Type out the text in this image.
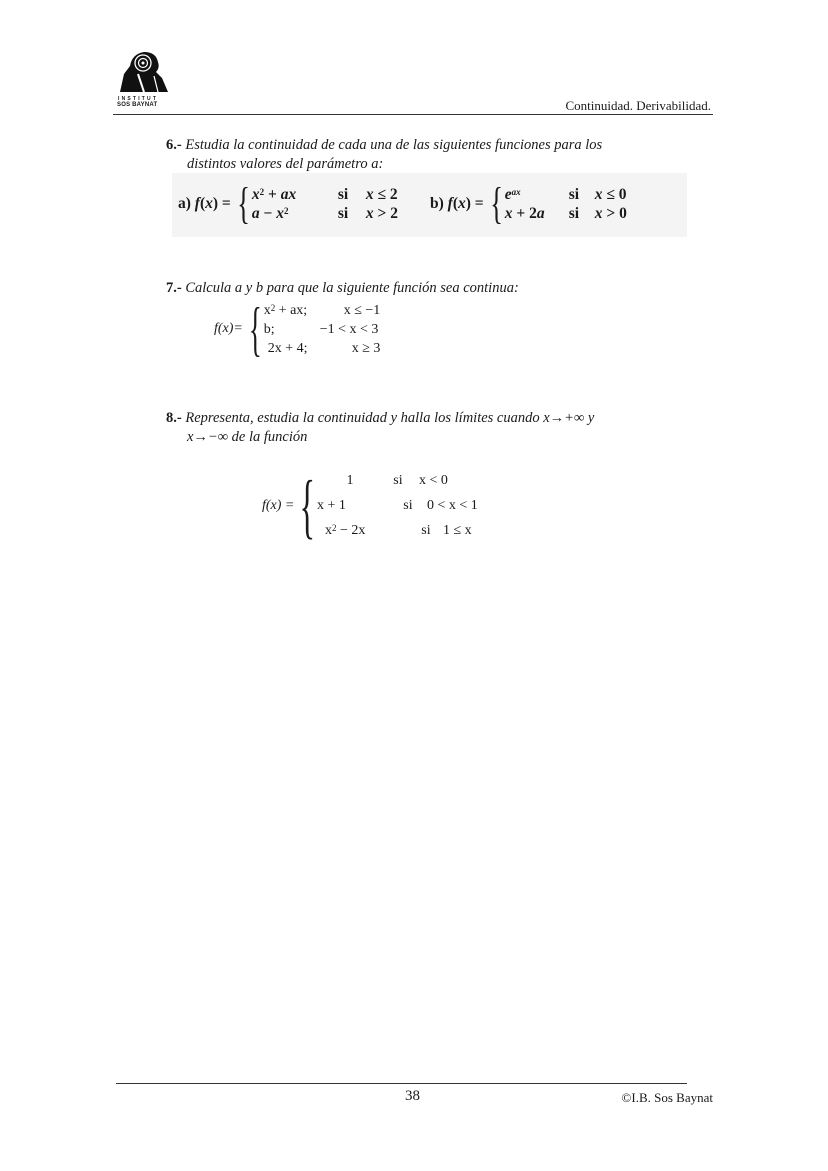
INSTITUT
SOS BAYNAT	Continuidad. Derivabilidad.
6.- Estudia la continuidad de cada una de las siguientes funciones para los
distintos valores del parámetro a:
a) f(x) = { $x^2$ + ax	si	x ≤ 2
$a - x^2$	si	x > 2
b) f(x) = { $e^{ax}$	si	x ≤ 0
x + 2a	si	x > 0
7.- Calcula a y b para que la siguiente función sea continua:
f(x)= { $x^2$ + ax;	x ≤ −1
b;	−1 < x < 3
2x + 4;	x ≥ 3
8.- Representa, estudia la continuidad y halla los límites cuando x→+∞ y
x→−∞ de la función
f(x) = {	1	si	x < 0
x + 1	si	0 < x < 1
$x^2 - 2x$	si 1 ≤ x
38	©I.B. Sos Baynat
